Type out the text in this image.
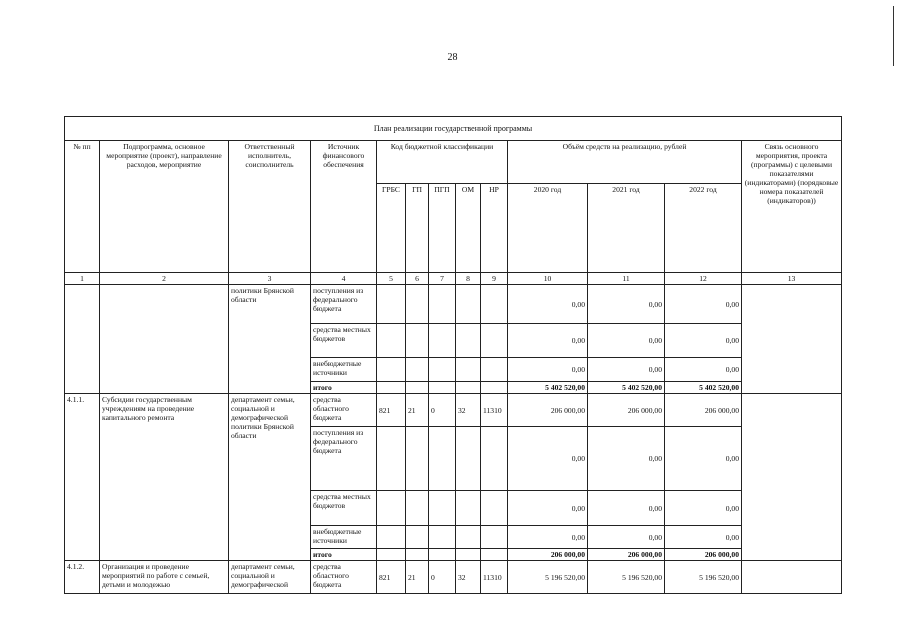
28
План реализации государственной программы												
№ пп	Подпрограмма, основное мероприятие (проект), направление расходов, мероприятие	Ответственный исполнитель, соисполнитель	Источник финансового обеспечения	Код бюджетной классификации					Объём средств на реализацию, рублей			Связь основного мероприятия, проекта (программы) с целевыми показателями (индикаторами) (порядковые номера показателей (индикаторов))
				ГРБС	ГП	ПГП	ОМ	НР	2020 год	2021 год	2022 год	
1	2	3	4	5	6	7	8	9	10	11	12	13
		политики Брянской области	поступления из федерального бюджета						0,00	0,00	0,00	
			средства местных бюджетов						0,00	0,00	0,00	
			внебюджетные источники						0,00	0,00	0,00	
			итого						5 402 520,00	5 402 520,00	5 402 520,00	
4.1.1.	Субсидии государственным учреждениям на проведение капитального ремонта	департамент семьи, социальной и демографической политики Брянской области	средства областного бюджета	821	21	0	32	11310	206 000,00	206 000,00	206 000,00	
			поступления из федерального бюджета						0,00	0,00	0,00	
			средства местных бюджетов						0,00	0,00	0,00	
			внебюджетные источники						0,00	0,00	0,00	
			итого						206 000,00	206 000,00	206 000,00	
4.1.2.	Организация и проведение мероприятий по работе с семьей, детьми и молодежью	департамент семьи, социальной и демографической	средства областного бюджета	821	21	0	32	11310	5 196 520,00	5 196 520,00	5 196 520,00	
